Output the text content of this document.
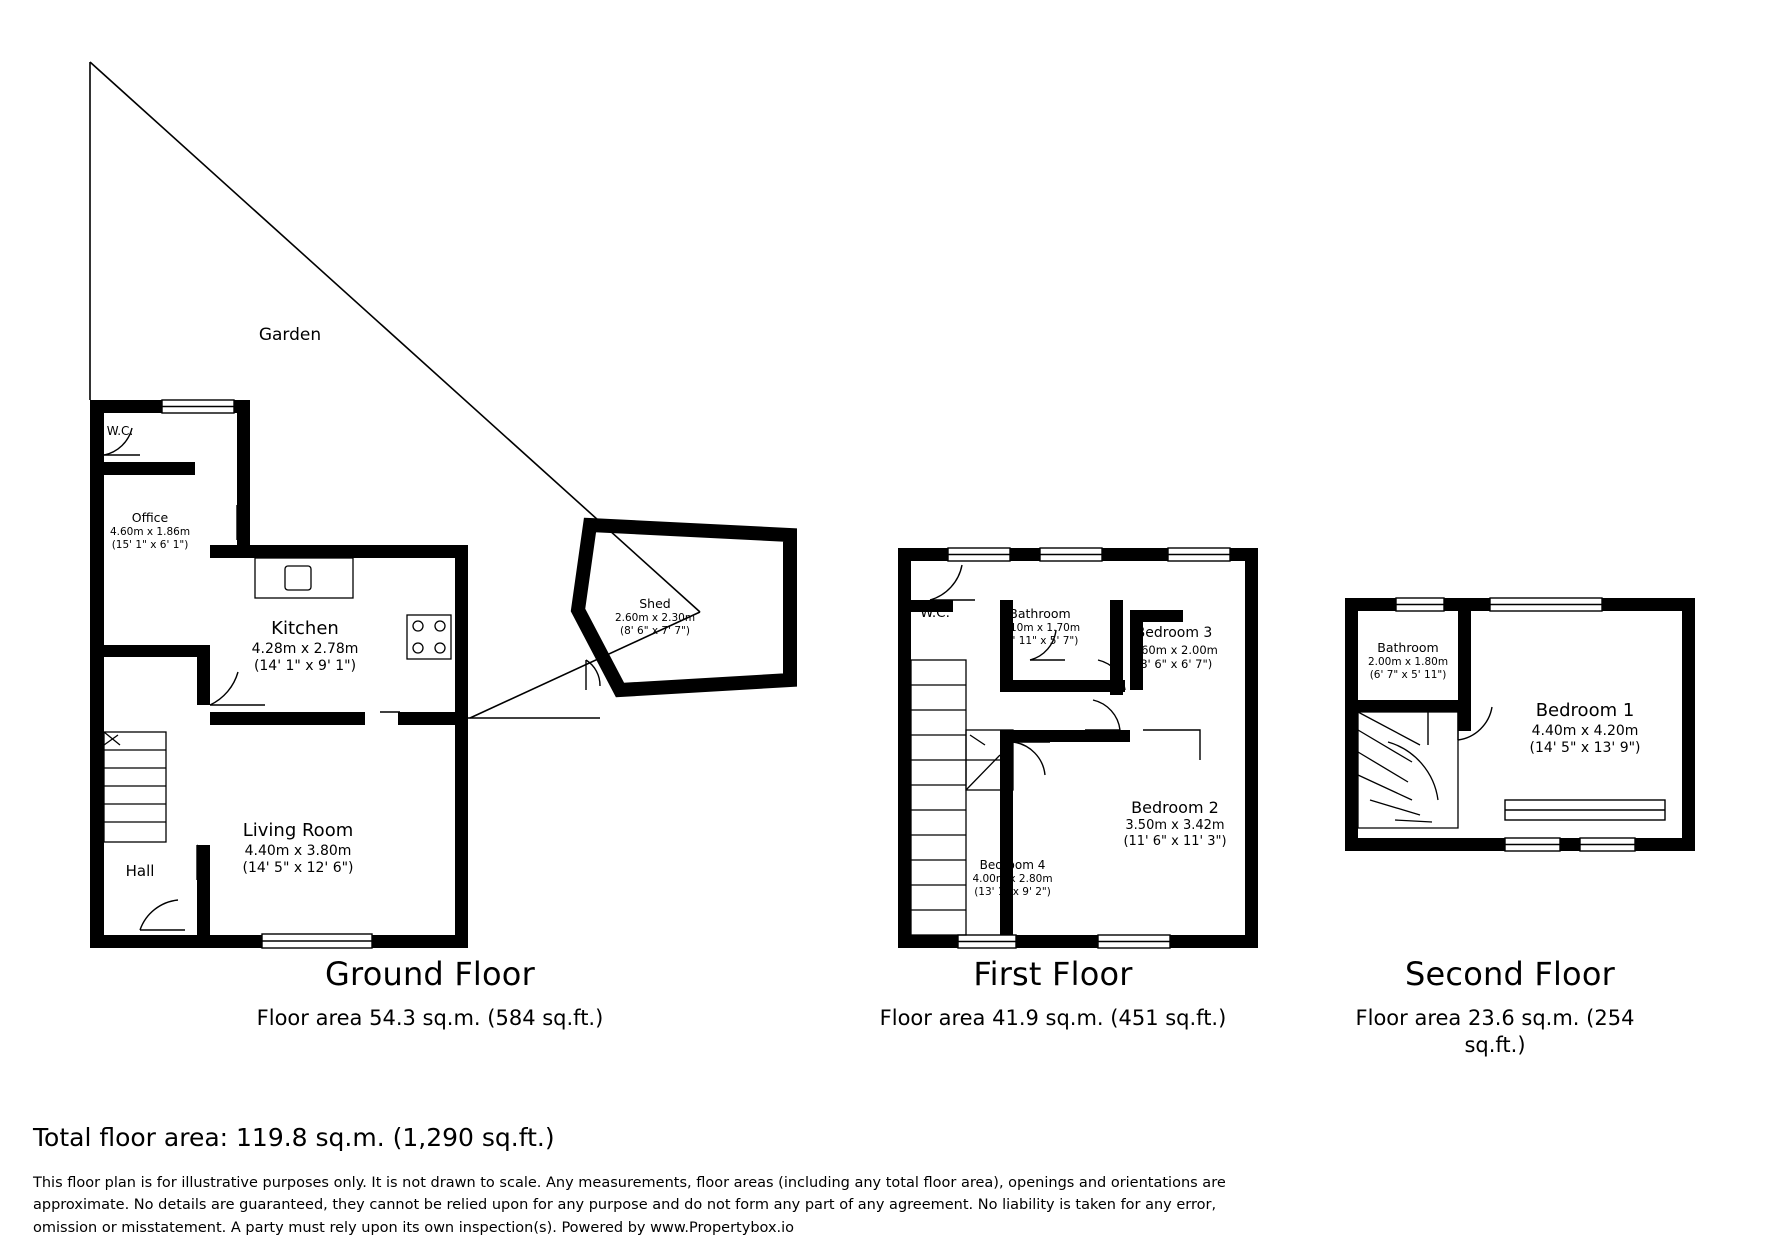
Garden
W.C.
Office
4.60m x 1.86m
(15' 1" x 6' 1")
Kitchen
4.28m x 2.78m
(14' 1" x 9' 1")
Living Room
4.40m x 3.80m
(14' 5" x 12' 6")
Hall
Shed
2.60m x 2.30m
(8' 6" x 7' 7")
W.C.	Bathroom
2.10m x 1.70m
(6' 11" x 5' 7")	Bedroom 3
2.60m x 2.00m
(8' 6" x 6' 7")
Bedroom 2
3.50m x 3.42m
(11' 6" x 11' 3")
Bedroom 4
4.00m x 2.80m
(13' 1" x 9' 2")
Bathroom
2.00m x 1.80m
(6' 7" x 5' 11")
Bedroom 1
4.40m x 4.20m
(14' 5" x 13' 9")
Ground Floor
Floor area 54.3 sq.m. (584 sq.ft.)
First Floor
Floor area 41.9 sq.m. (451 sq.ft.)
Second Floor
Floor area 23.6 sq.m. (254 sq.ft.)
Total floor area: 119.8 sq.m. (1,290 sq.ft.)
This floor plan is for illustrative purposes only. It is not drawn to scale. Any measurements, floor areas (including any total floor area), openings and orientations are approximate. No details are guaranteed, they cannot be relied upon for any purpose and do not form any part of any agreement. No liability is taken for any error, omission or misstatement. A party must rely upon its own inspection(s). Powered by www.Propertybox.io
